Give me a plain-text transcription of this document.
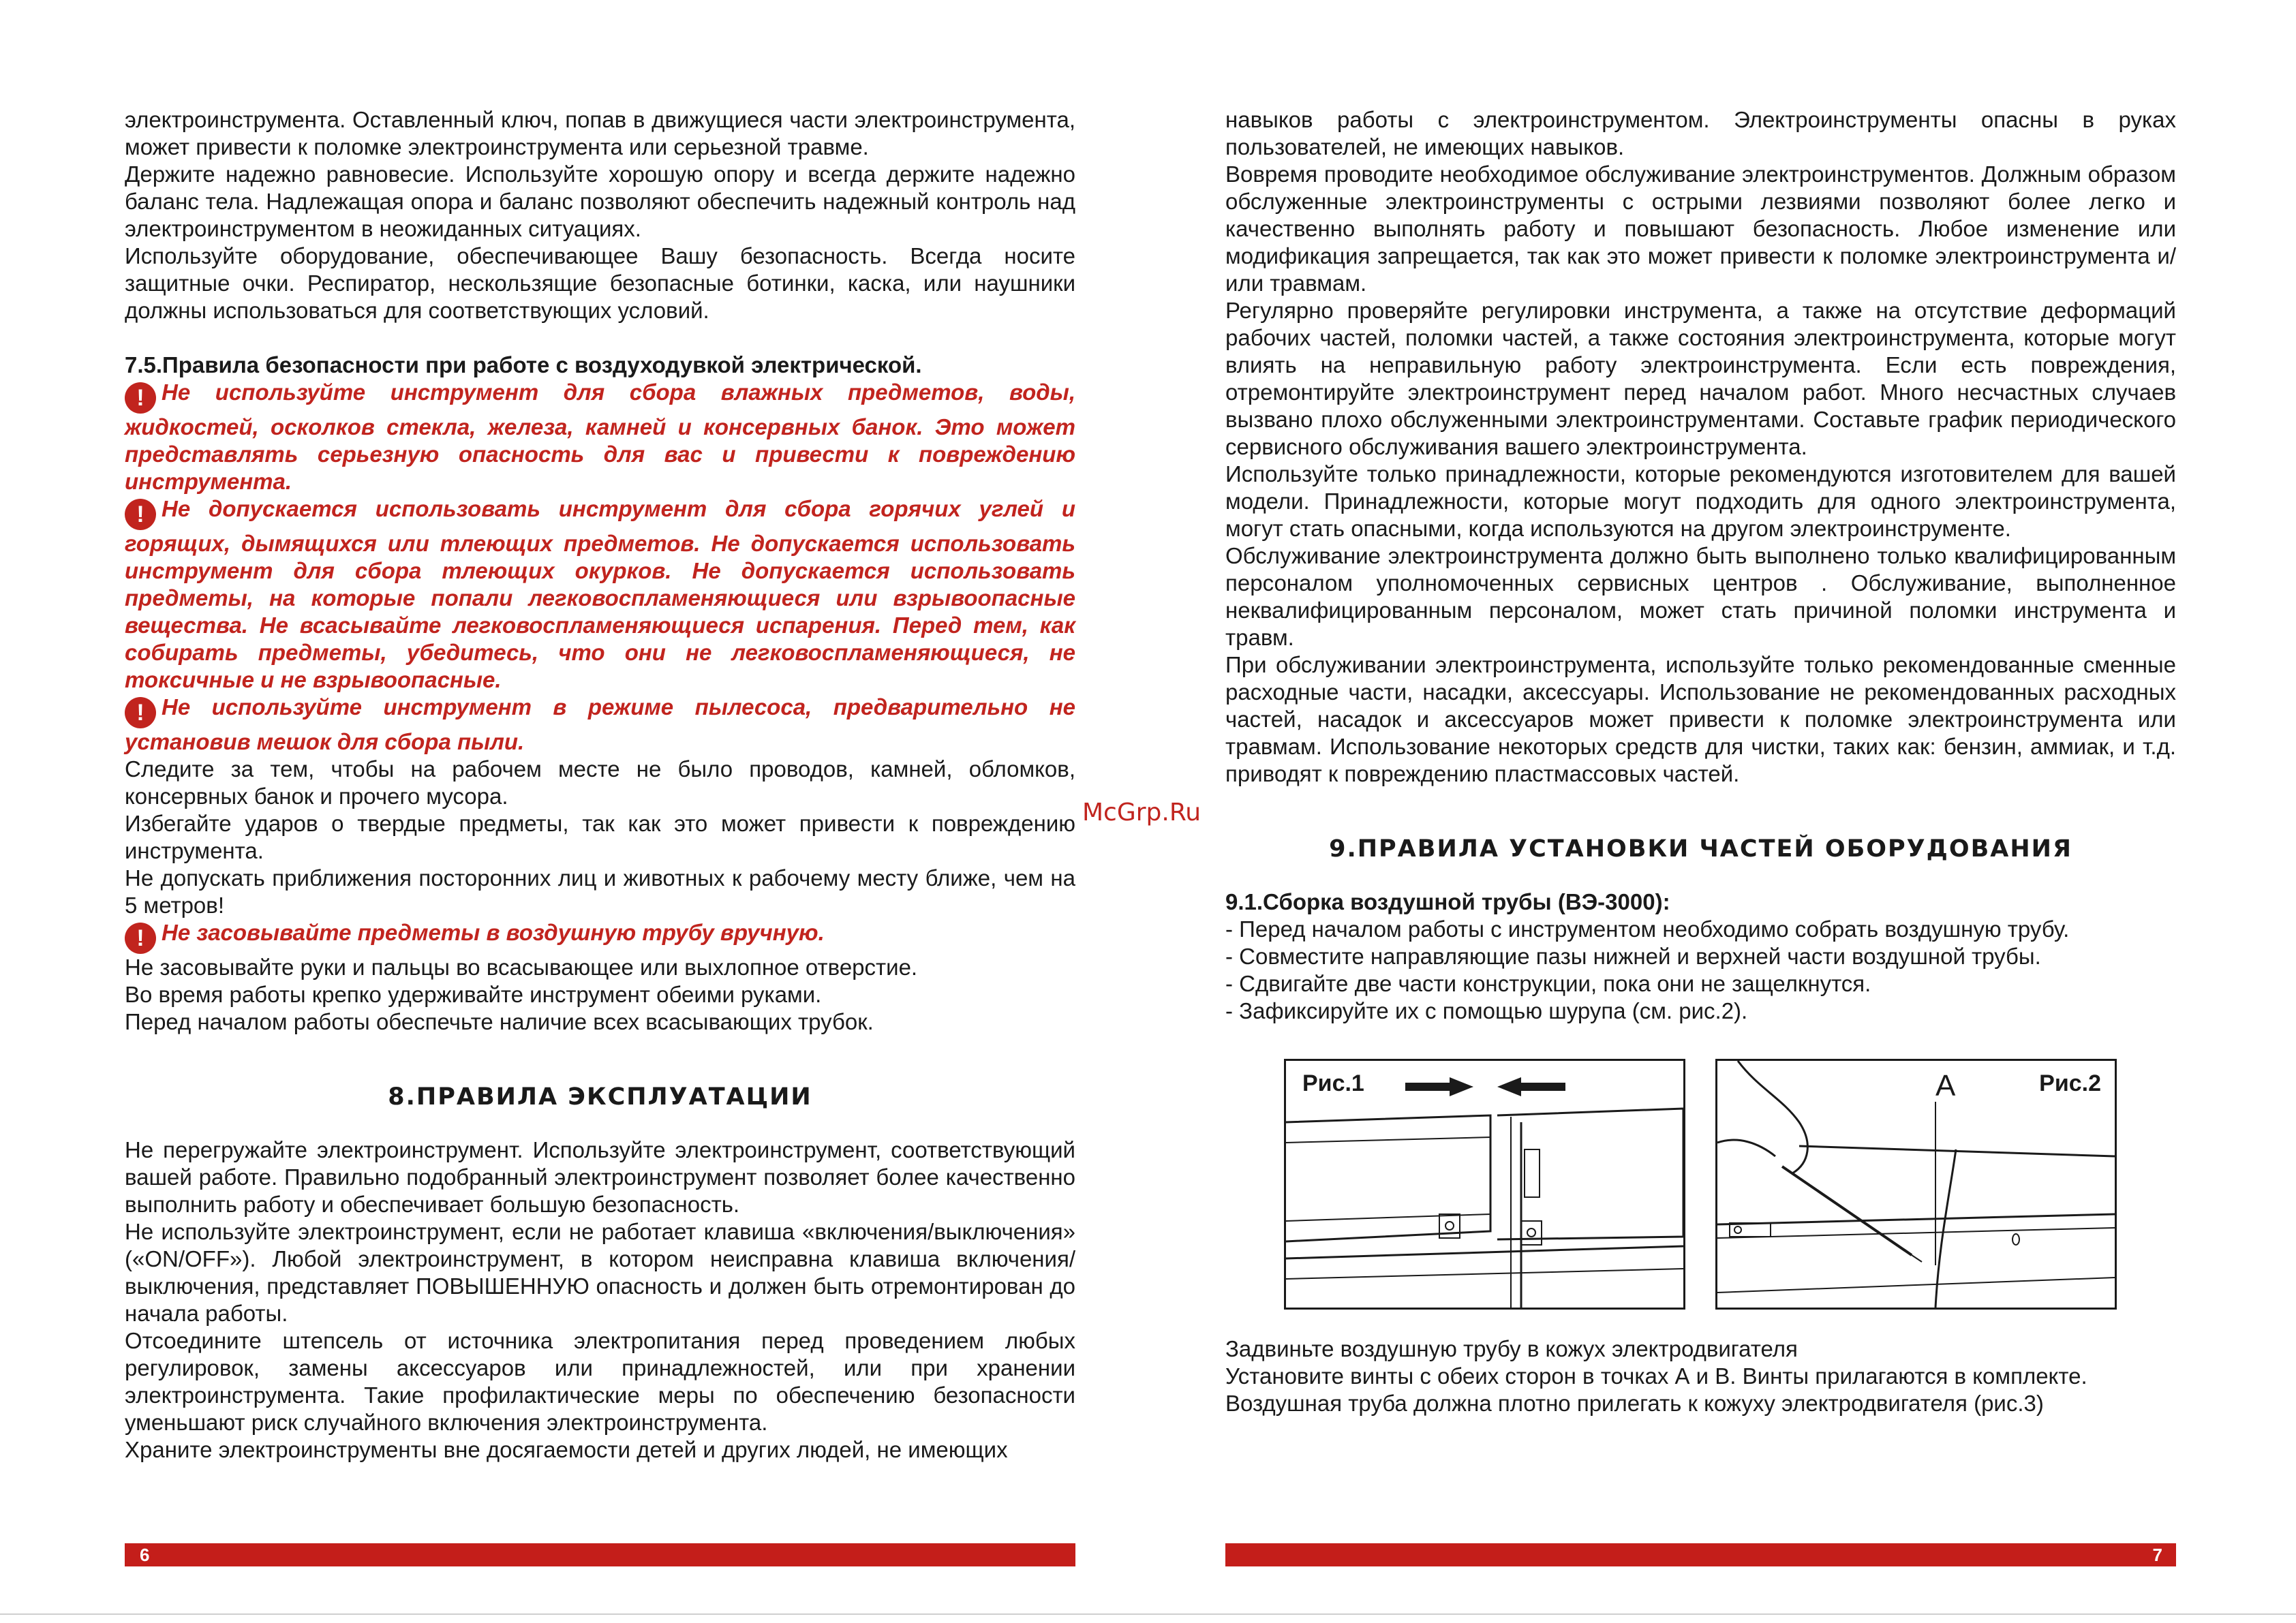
электроинструмента. Оставленный ключ, попав в движущиеся части электроинструмента, может привести к поломке электроинструмента или серьезной травме.

Держите надежно равновесие. Используйте хорошую опору и всегда держите надежно баланс тела. Надлежащая опора и баланс позволяют обеспечить надежный контроль над электроинструментом в неожиданных ситуациях.

Используйте оборудование, обеспечивающее Вашу безопасность. Всегда носите защитные очки. Респиратор, нескользящие безопасные ботинки, каска, или наушники должны использоваться для соответствующих условий.

7.5.Правила безопасности при работе с воздуходувкой электрической.

! Не используйте инструмент для сбора влажных предметов, воды, жидкостей, осколков стекла, железа, камней и консервных банок. Это может представлять серьезную опасность для вас и привести к повреждению инструмента.

! Не допускается использовать инструмент для сбора горячих углей и горящих, дымящихся или тлеющих предметов. Не допускается использовать инструмент для сбора тлеющих окурков. Не допускается использовать предметы, на которые попали легковоспламеняющиеся или взрывоопасные вещества. Не всасывайте легковоспламеняющиеся испарения. Перед тем, как собирать предметы, убедитесь, что они не легковоспламеняющиеся, не токсичные и не взрывоопасные.

! Не используйте инструмент в режиме пылесоса, предварительно не установив мешок для сбора пыли.

Следите за тем, чтобы на рабочем месте не было проводов, камней, обломков, консервных банок и прочего мусора.

Избегайте ударов о твердые предметы, так как это может привести к повреждению инструмента.

Не допускать приближения посторонних лиц и животных к рабочему месту ближе, чем на 5 метров!

! Не засовывайте предметы в воздушную трубу вручную.

Не засовывайте руки и пальцы во всасывающее или выхлопное отверстие.

Во время работы крепко удерживайте инструмент обеими руками.

Перед началом работы обеспечьте наличие всех всасывающих трубок.

8.ПРАВИЛА ЭКСПЛУАТАЦИИ

Не перегружайте электроинструмент. Используйте электроинструмент, соответствующий вашей работе. Правильно подобранный электроинструмент позволяет более качественно выполнить работу и обеспечивает большую безопасность.

Не используйте электроинструмент, если не работает клавиша «включения/выключения» («ON/OFF»). Любой электроинструмент, в котором неисправна клавиша включения/выключения, представляет ПОВЫШЕННУЮ опасность и должен быть отремонтирован до начала работы.

Отсоедините штепсель от источника электропитания перед проведением любых регулировок, замены аксессуаров или принадлежностей, или при хранении электроинструмента. Такие профилактические меры по обеспечению безопасности уменьшают риск случайного включения электроинструмента.

Храните электроинструменты вне досягаемости детей и других людей, не имеющих

6
McGrp.Ru

навыков работы с электроинструментом. Электроинструменты опасны в руках пользователей, не имеющих навыков.

Вовремя проводите необходимое обслуживание электроинструментов. Должным образом обслуженные электроинструменты с острыми лезвиями позволяют более легко и качественно выполнять работу и повышают безопасность. Любое изменение или модификация запрещается, так как это может привести к поломке электроинструмента и/или травмам.

Регулярно проверяйте регулировки инструмента, а также на отсутствие деформаций рабочих частей, поломки частей, а также состояния электроинструмента, которые могут влиять на неправильную работу электроинструмента. Если есть повреждения, отремонтируйте электроинструмент перед началом работ. Много несчастных случаев вызвано плохо обслуженными электроинструментами. Составьте график периодического сервисного обслуживания вашего электроинструмента.

Используйте только принадлежности, которые рекомендуются изготовителем для вашей модели. Принадлежности, которые могут подходить для одного электроинструмента, могут стать опасными, когда используются на другом электроинструменте.

Обслуживание электроинструмента должно быть выполнено только квалифицированным персоналом уполномоченных сервисных центров . Обслуживание, выполненное неквалифицированным персоналом, может стать причиной поломки инструмента и травм.

При обслуживании электроинструмента, используйте только рекомендованные сменные расходные части, насадки, аксессуары. Использование не рекомендованных расходных частей, насадок и аксессуаров может привести к поломке электроинструмента или травмам. Использование некоторых средств для чистки, таких как: бензин, аммиак, и т.д. приводят к повреждению пластмассовых частей.

9.ПРАВИЛА УСТАНОВКИ ЧАСТЕЙ ОБОРУДОВАНИЯ

9.1.Сборка воздушной трубы (ВЭ-3000):

- Перед началом работы с инструментом необходимо собрать воздушную трубу.

- Совместите направляющие пазы нижней и верхней части воздушной трубы.

- Сдвигайте две части конструкции, пока они не защелкнутся.

- Зафиксируйте их с помощью шурупа (см. рис.2).

Рис.1	А	Рис.2

Задвиньте воздушную трубу в кожух электродвигателя

Установите винты с обеих сторон в точках А и В. Винты прилагаются в комплекте.

Воздушная труба должна плотно прилегать к кожуху электродвигателя (рис.3)

7
